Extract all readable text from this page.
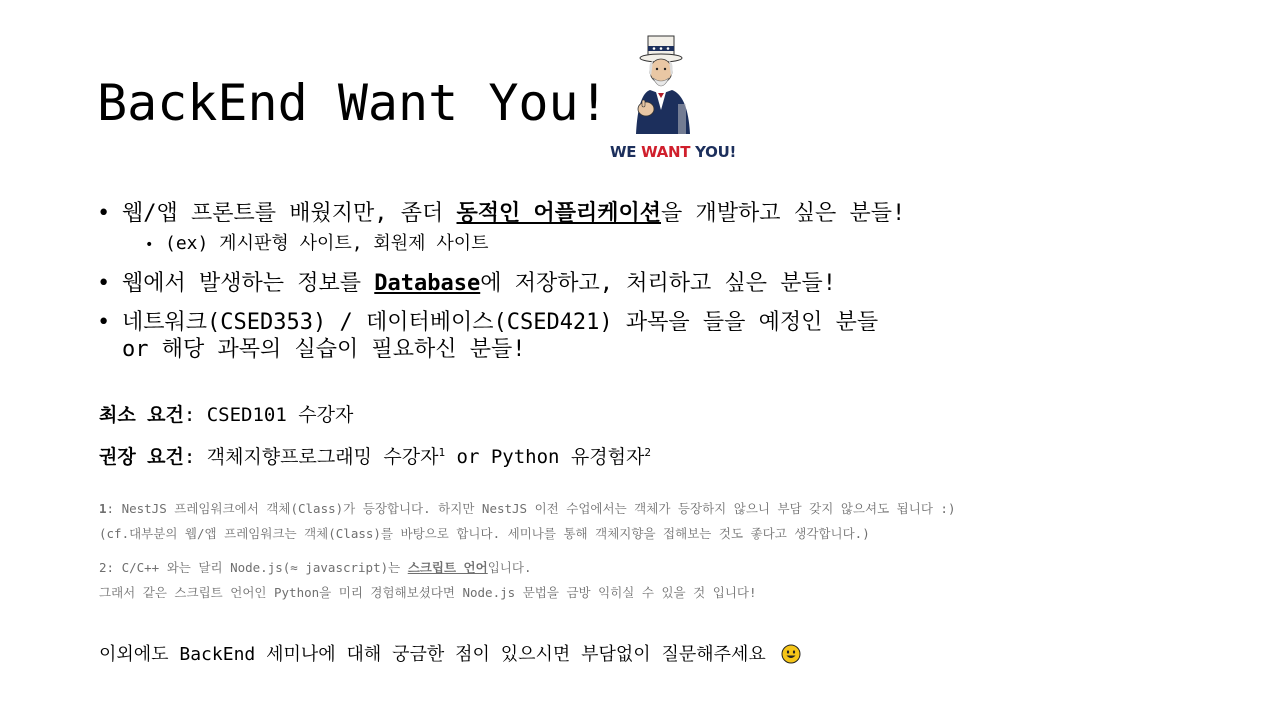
BackEnd Want You!
WE WANT YOU!
• 웹/앱 프론트를 배웠지만, 좀더 동적인 어플리케이션을 개발하고 싶은 분들!
• (ex) 게시판형 사이트, 회원제 사이트
• 웹에서 발생하는 정보를 Database에 저장하고, 처리하고 싶은 분들!
• 네트워크(CSED353) / 데이터베이스(CSED421) 과목을 들을 예정인 분들
or 해당 과목의 실습이 필요하신 분들!
최소 요건: CSED101 수강자
권장 요건: 객체지향프로그래밍 수강자$^1$ or Python 유경험자$^2$
1: NestJS 프레임워크에서 객체(Class)가 등장합니다. 하지만 NestJS 이전 수업에서는 객체가 등장하지 않으니 부담 갖지 않으셔도 됩니다 :)
(cf.대부분의 웹/앱 프레임워크는 객체(Class)를 바탕으로 합니다. 세미나를 통해 객체지향을 접해보는 것도 좋다고 생각합니다.)
2: C/C++ 와는 달리 Node.js(≈ javascript)는 스크립트 언어입니다.
그래서 같은 스크립트 언어인 Python을 미리 경험해보셨다면 Node.js 문법을 금방 익히실 수 있을 것 입니다!
이외에도 BackEnd 세미나에 대해 궁금한 점이 있으시면 부담없이 질문해주세요
